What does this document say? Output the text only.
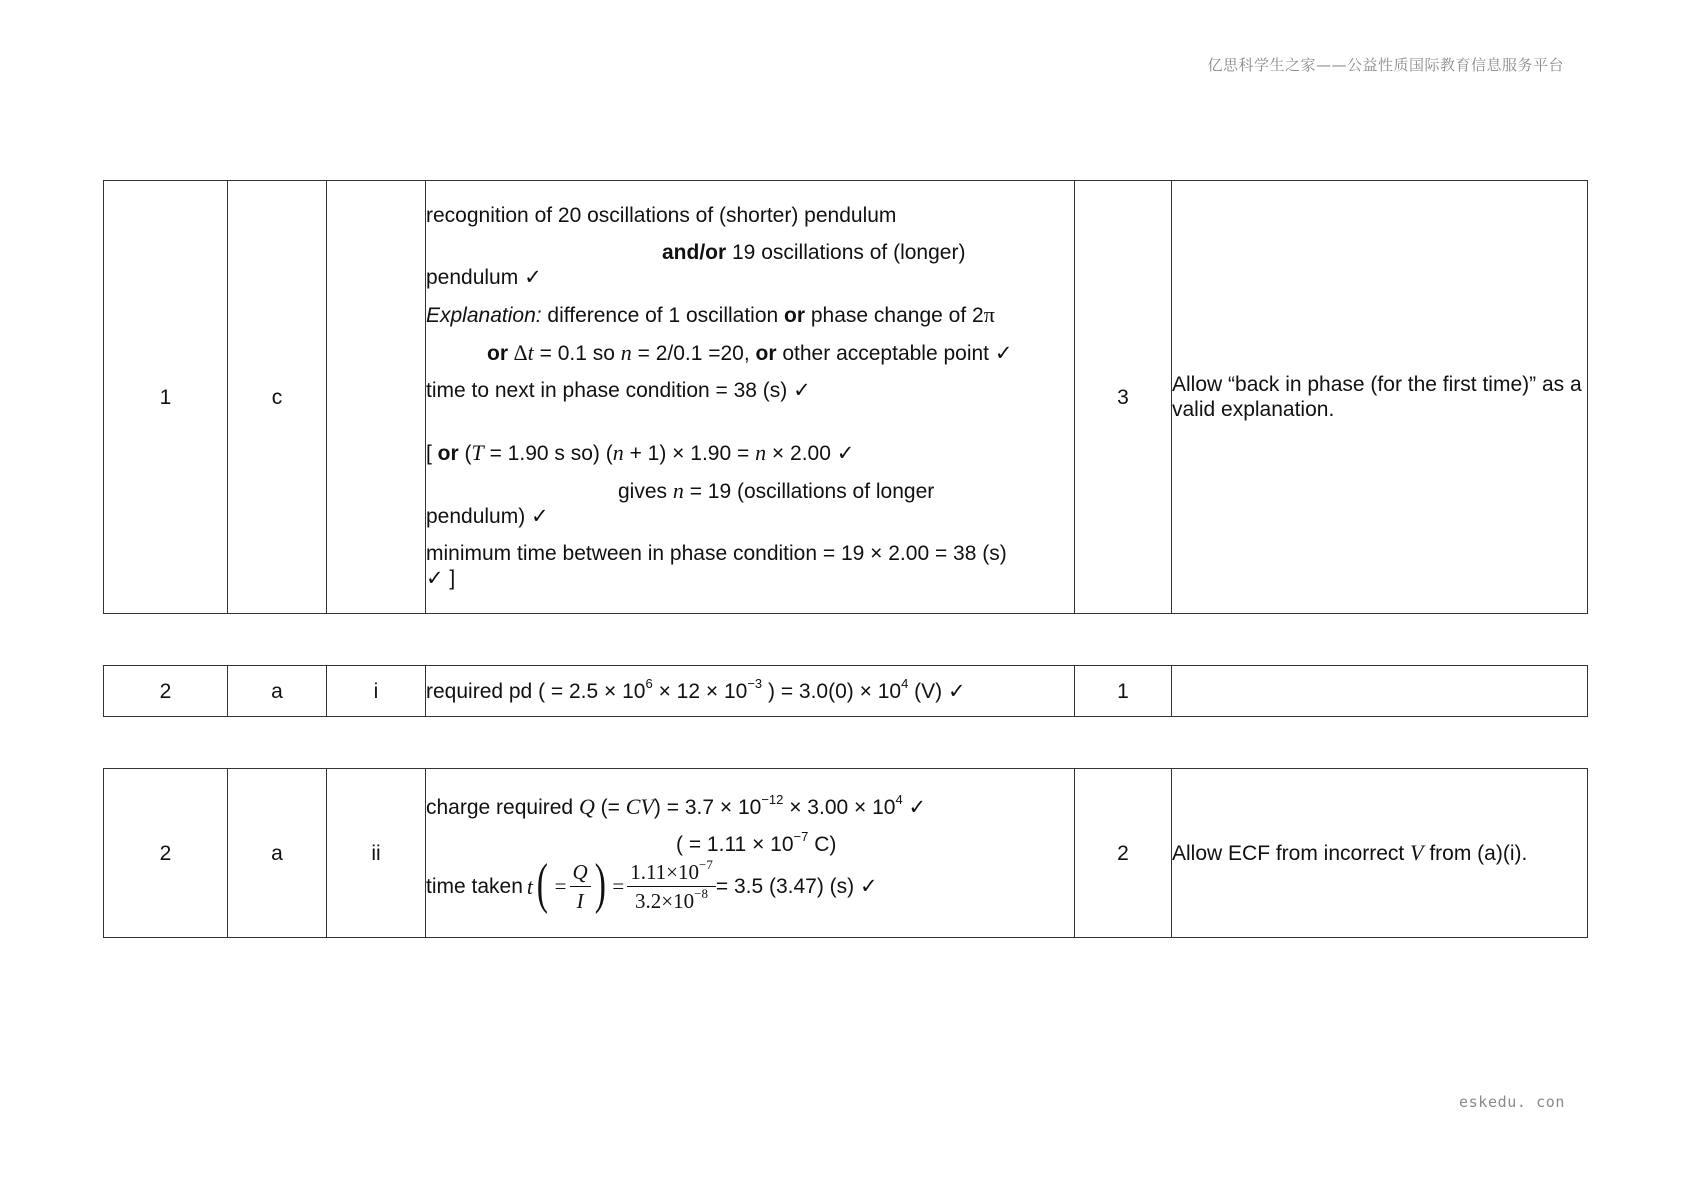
亿思科学生之家——公益性质国际教育信息服务平台
1	c		
recognition of 20 oscillations of (shorter) pendulum
and/or 19 oscillations of (longer)
pendulum ✓
Explanation: difference of 1 oscillation or phase change of 2π
or Δt = 0.1 so n = 2/0.1 =20, or other acceptable point ✓
time to next in phase condition = 38 (s) ✓
[ or (T = 1.90 s so) (n + 1) × 1.90 = n × 2.00 ✓
gives n = 19 (oscillations of longer
pendulum) ✓
minimum time between in phase condition = 19 × 2.00 = 38 (s)
✓ ]
	3	Allow “back in phase (for the first time)” as a valid explanation.
2	a	i	required pd ( = $2.5 \times 10^6 \times 12 \times 10^{-3}$ ) = $3.0(0) \times 10^4$ (V) ✓	1	
2	a	ii	
charge required Q (= $CV) = 3.7 \times 10^{-12} \times 3.00 \times 10^4$ ✓
( = $1.11 \times 10^{-7}$ C)
time taken t ( = $\frac{Q}{I}$ ) = $\frac{1.11\times 10^{-7}}{3.2\times 10^{-8}} = 3.5$ (3.47) (s) ✓
	2	Allow ECF from incorrect V from (a)(i).
eskedu. con
